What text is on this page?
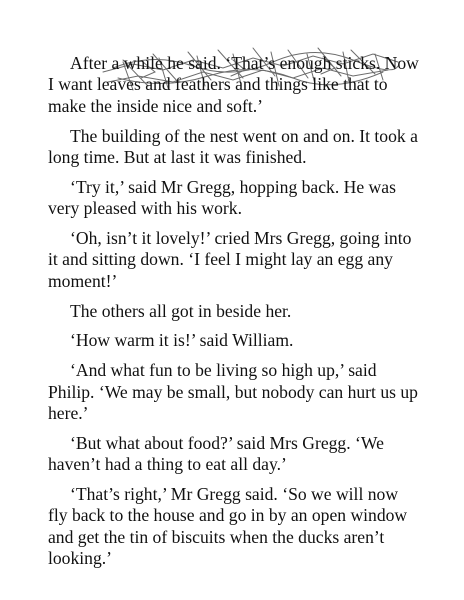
After a while he said. ‘That’s enough sticks. Now I want leaves and feathers and things like that to make the inside nice and soft.’

The building of the nest went on and on. It took a long time. But at last it was finished.

‘Try it,’ said Mr Gregg, hopping back. He was very pleased with his work.

‘Oh, isn’t it lovely!’ cried Mrs Gregg, going into it and sitting down. ‘I feel I might lay an egg any moment!’

The others all got in beside her.

‘How warm it is!’ said William.

‘And what fun to be living so high up,’ said Philip. ‘We may be small, but nobody can hurt us up here.’

‘But what about food?’ said Mrs Gregg. ‘We haven’t had a thing to eat all day.’

‘That’s right,’ Mr Gregg said. ‘So we will now fly back to the house and go in by an open window and get the tin of biscuits when the ducks aren’t looking.’
